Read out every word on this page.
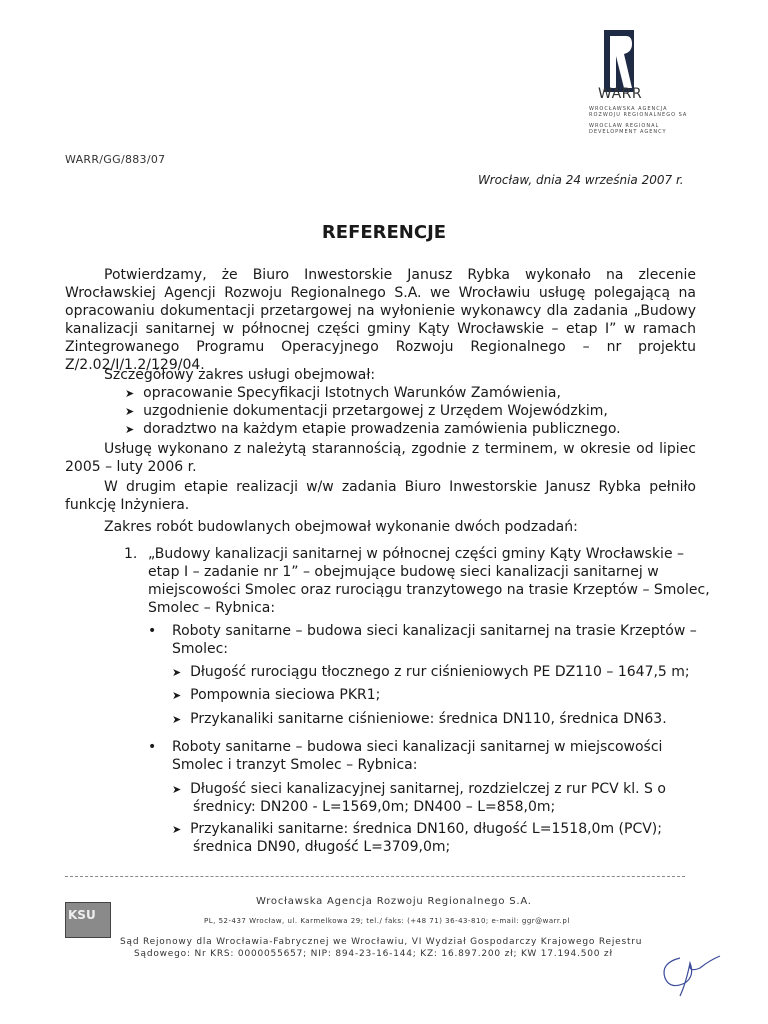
WARR
WROCŁAWSKA AGENCJA
ROZWOJU REGIONALNEGO SA
WROCLAW REGIONAL
DEVELOPMENT AGENCY
WARR/GG/883/07
Wrocław, dnia 24 września 2007 r.
REFERENCJE
Potwierdzamy, że Biuro Inwestorskie Janusz Rybka wykonało na zlecenie Wrocławskiej Agencji Rozwoju Regionalnego S.A. we Wrocławiu usługę polegającą na opracowaniu dokumentacji przetargowej na wyłonienie wykonawcy dla zadania „Budowy kanalizacji sanitarnej w północnej części gminy Kąty Wrocławskie – etap I” w ramach Zintegrowanego Programu Operacyjnego Rozwoju Regionalnego – nr projektu Z/2.02/I/1.2/129/04.
Szczegółowy zakres usługi obejmował:
➤ opracowanie Specyfikacji Istotnych Warunków Zamówienia,
➤ uzgodnienie dokumentacji przetargowej z Urzędem Wojewódzkim,
➤ doradztwo na każdym etapie prowadzenia zamówienia publicznego.
Usługę wykonano z należytą starannością, zgodnie z terminem, w okresie od lipiec 2005 – luty 2006 r.
W drugim etapie realizacji w/w zadania Biuro Inwestorskie Janusz Rybka pełniło funkcję Inżyniera.
Zakres robót budowlanych obejmował wykonanie dwóch podzadań:
1. „Budowy kanalizacji sanitarnej w północnej części gminy Kąty Wrocławskie –
etap I – zadanie nr 1” – obejmujące budowę sieci kanalizacji sanitarnej w
miejscowości Smolec oraz rurociągu tranzytowego na trasie Krzeptów – Smolec,
Smolec – Rybnica:
• Roboty sanitarne – budowa sieci kanalizacji sanitarnej na trasie Krzeptów –
Smolec:
➤ Długość rurociągu tłocznego z rur ciśnieniowych PE DZ110 – 1647,5 m;
➤ Pompownia sieciowa PKR1;
➤ Przykanaliki sanitarne ciśnieniowe: średnica DN110, średnica DN63.
• Roboty sanitarne – budowa sieci kanalizacji sanitarnej w miejscowości
Smolec i tranzyt Smolec – Rybnica:
➤ Długość sieci kanalizacyjnej sanitarnej, rozdzielczej z rur PCV kl. S o
średnicy: DN200 - L=1569,0m; DN400 – L=858,0m;
➤ Przykanaliki sanitarne: średnica DN160, długość L=1518,0m (PCV);
średnica DN90, długość L=3709,0m;
Wrocławska Agencja Rozwoju Regionalnego S.A.
PL, 52-437 Wrocław, ul. Karmelkowa 29; tel./ faks: (+48 71) 36-43-810; e-mail: ggr@warr.pl
Sąd Rejonowy dla Wrocławia-Fabrycznej we Wrocławiu, VI Wydział Gospodarczy Krajowego Rejestru
Sądowego: Nr KRS: 0000055657; NIP: 894-23-16-144; KZ: 16.897.200 zł; KW 17.194.500 zł
KSU
